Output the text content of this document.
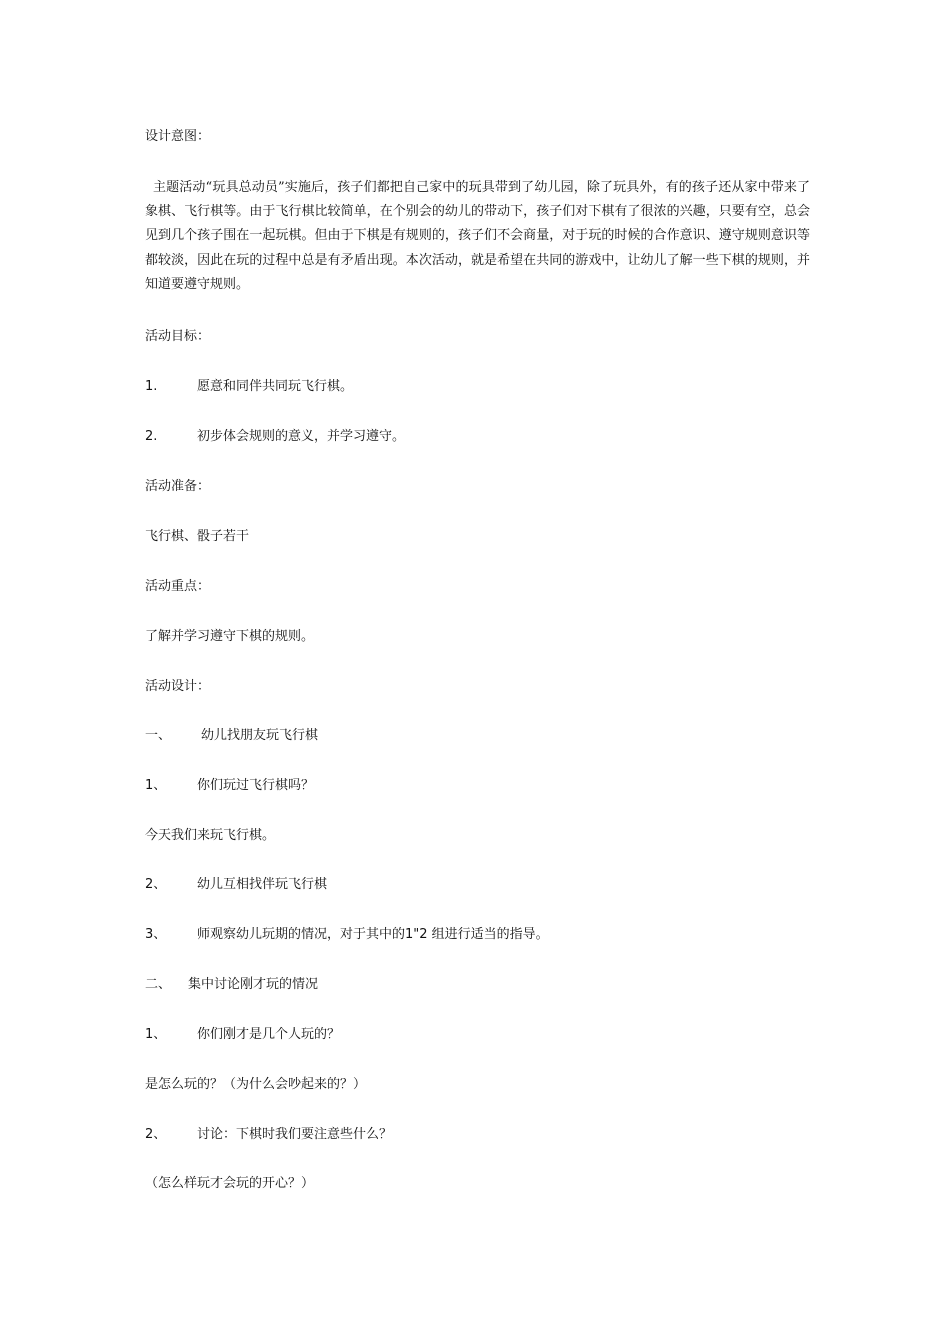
设计意图：
主题活动“玩具总动员”实施后，孩子们都把自己家中的玩具带到了幼儿园，除了玩具外，有的孩子还从家中带来了象棋、飞行棋等。由于飞行棋比较简单，在个别会的幼儿的带动下，孩子们对下棋有了很浓的兴趣，只要有空，总会见到几个孩子围在一起玩棋。但由于下棋是有规则的，孩子们不会商量，对于玩的时候的合作意识、遵守规则意识等都较淡，因此在玩的过程中总是有矛盾出现。本次活动，就是希望在共同的游戏中，让幼儿了解一些下棋的规则，并知道要遵守规则。
活动目标：
1.	愿意和同伴共同玩飞行棋。
2.	初步体会规则的意义，并学习遵守。
活动准备：
飞行棋、骰子若干
活动重点：
了解并学习遵守下棋的规则。
活动设计：
一、 幼儿找朋友玩飞行棋
1、 你们玩过飞行棋吗？
今天我们来玩飞行棋。
2、 幼儿互相找伴玩飞行棋
3、 师观察幼儿玩期的情况，对于其中的1"2 组进行适当的指导。
二、 集中讨论刚才玩的情况
1、 你们刚才是几个人玩的？
是怎么玩的？（为什么会吵起来的？）
2、 讨论：下棋时我们要注意些什么？
（怎么样玩才会玩的开心？）
